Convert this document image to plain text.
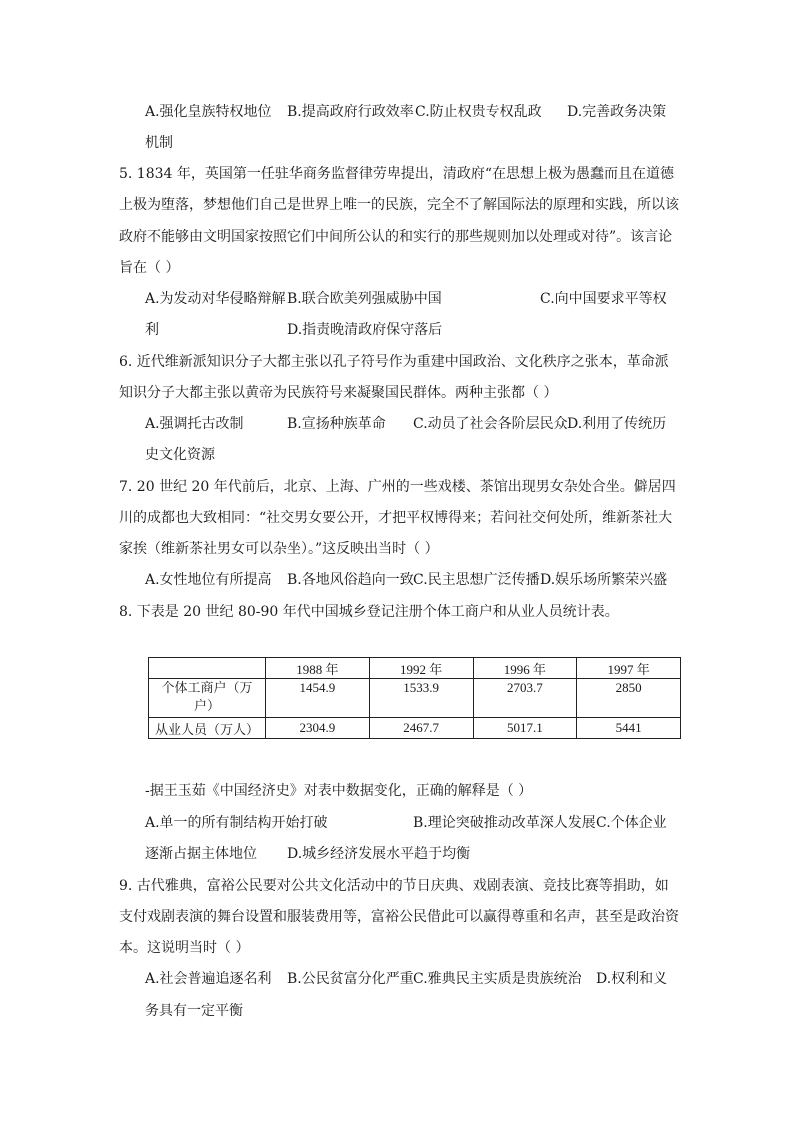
A.强化皇族特权地位 B.提高政府行政效率 C.防止权贵专权乱政 D.完善政务决策
机制
5. 1834 年，英国第一任驻华商务监督律劳卑提出，清政府“在思想上极为愚蠢而且在道德
上极为堕落，梦想他们自己是世界上唯一的民族，完全不了解国际法的原理和实践，所以该
政府不能够由文明国家按照它们中间所公认的和实行的那些规则加以处理或对待”。该言论
旨在（ ）
A.为发动对华侵略辩解 B.联合欧美列强威胁中国	C.向中国要求平等权
利	D.指责晚清政府保守落后
6. 近代维新派知识分子大都主张以孔子符号作为重建中国政治、文化秩序之张本，革命派
知识分子大都主张以黄帝为民族符号来凝聚国民群体。两种主张都（ ）
A.强调托古改制	B.宣扬种族革命 C.动员了社会各阶层民众 D.利用了传统历
史文化资源
7. 20 世纪 20 年代前后，北京、上海、广州的一些戏楼、茶馆出现男女杂处合坐。僻居四
川的成都也大致相同：“社交男女要公开，才把平权博得来；若问社交何处所，维新茶社大
家挨（维新茶社男女可以杂坐）。”这反映出当时（ ）
A.女性地位有所提高 B.各地风俗趋向一致 C.民主思想广泛传播 D.娱乐场所繁荣兴盛
8. 下表是 20 世纪 80-90 年代中国城乡登记注册个体工商户和从业人员统计表。
	1988 年	1992 年	1996 年	1997 年

个体工商户（万
户）	1454.9	1533.9	2703.7	2850
从业人员（万人）	2304.9	2467.7	5017.1	5441
-据王玉茹《中国经济史》对表中数据变化，正确的解释是（ ）
A.单一的所有制结构开始打破	B.理论突破推动改革深人发展 C.个体企业
逐渐占据主体地位 D.城乡经济发展水平趋于均衡
9. 古代雅典，富裕公民要对公共文化活动中的节日庆典、戏剧表演、竞技比赛等捐助，如
支付戏剧表演的舞台设置和服装费用等，富裕公民借此可以赢得尊重和名声，甚至是政治资
本。这说明当时（ ）
A.社会普遍追逐名利 B.公民贫富分化严重 C.雅典民主实质是贵族统治 D.权利和义
务具有一定平衡
